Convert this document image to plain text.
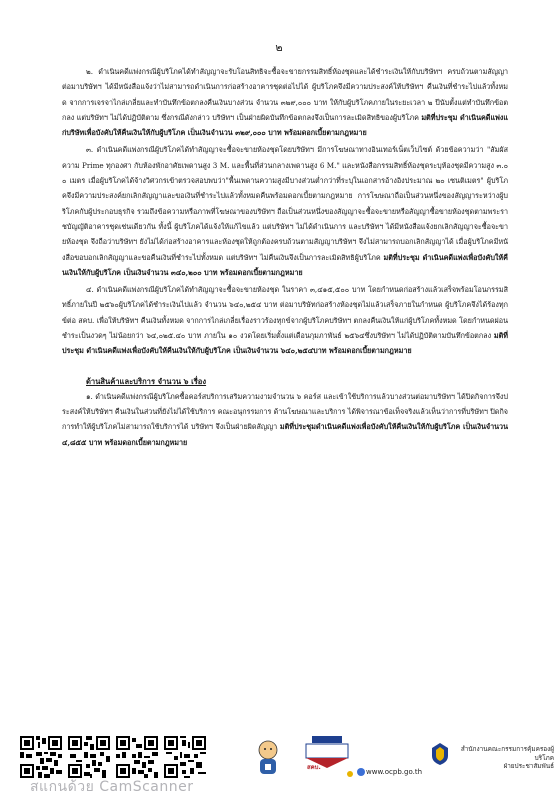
๒

๒. ดำเนินคดีแพ่งกรณีผู้บริโภคได้ทำสัญญาจะรับโอนสิทธิจะซื้อจะขายกรรมสิทธิ์ห้องชุดและได้ชำระเงินให้กับบริษัทฯ ครบถ้วนตามสัญญา ต่อมาบริษัทฯ ได้มีหนังสือแจ้งว่าไม่สามารถดำเนินการก่อสร้างอาคารชุดต่อไปได้ ผู้บริโภคจึงมีความประสงค์ให้บริษัทฯ คืนเงินที่ชำระไปแล้วทั้งหมด จากการเจรจาไกล่เกลี่ยและทำบันทึกข้อตกลงคืนเงินบางส่วน จำนวน ๓๒๙,๐๐๐ บาท ให้กับผู้บริโภคภายในระยะเวลา ๒ ปีนับตั้งแต่ทำบันทึกข้อตกลง แต่บริษัทฯ ไม่ได้ปฏิบัติตาม ซึ่งกรณีดังกล่าว บริษัทฯ เป็นฝ่ายผิดบันทึกข้อตกลงจึงเป็นการละเมิดสิทธิของผู้บริโภค มติที่ประชุม ดำเนินคดีแพ่งแก่บริษัทเพื่อบังคับให้คืนเงินให้กับผู้บริโภค เป็นเงินจำนวน ๓๒๙,๐๐๐ บาท พร้อมดอกเบี้ยตามกฎหมาย

๓. ดำเนินคดีแพ่งกรณีผู้บริโภคได้ทำสัญญาจะซื้อจะขายห้องชุดโดยบริษัทฯ มีการโฆษณาทางอินเทอร์เน็ตเว็บไซต์ ด้วยข้อความว่า "สัมผัสความ Prime ทุกองศา กับห้องพักอาศัยเพดานสูง 3 M. และพื้นที่ส่วนกลางเพดานสูง 6 M." และหนังสือกรรมสิทธิ์ห้องชุดระบุห้องชุดมีความสูง ๓.๐๐ เมตร เมื่อผู้บริโภคได้จ้างวิศวกรเข้าตรวจสอบพบว่า"พื้นเพดานความสูงมีบางส่วนต่ำกว่าที่ระบุในเอกสารอ้างอิงประมาณ ๒๐ เซนติเมตร" ผู้บริโภคจึงมีความประสงค์ยกเลิกสัญญาและขอเงินที่ชำระไปแล้วทั้งหมดคืนพร้อมดอกเบี้ยตามกฎหมาย การโฆษณาถือเป็นส่วนหนึ่งของสัญญาระหว่างผู้บริโภคกับผู้ประกอบธุรกิจ รวมถึงข้อความหรือภาพที่โฆษณาของบริษัทฯ ถือเป็นส่วนหนึ่งของสัญญาจะซื้อจะขายหรือสัญญาซื้อขายห้องชุดตามพระราชบัญญัติอาคารชุดเช่นเดียวกัน ทั้งนี้ ผู้บริโภคได้แจ้งให้แก้ไขแล้ว แต่บริษัทฯ ไม่ได้ดำเนินการ และบริษัทฯ ได้มีหนังสือแจ้งยกเลิกสัญญาจะซื้อจะขายห้องชุด จึงถือว่าบริษัทฯ ยังไม่ได้ก่อสร้างอาคารและห้องชุดให้ถูกต้องครบถ้วนตามสัญญาบริษัทฯ จึงไม่สามารถบอกเลิกสัญญาได้ เมื่อผู้บริโภคมีหนังสือขอบอกเลิกสัญญาและขอคืนเงินที่ชำระไปทั้งหมด แต่บริษัทฯ ไม่คืนเงินจึงเป็นการละเมิดสิทธิผู้บริโภค มติที่ประชุม ดำเนินคดีแพ่งเพื่อบังคับให้คืนเงินให้กับผู้บริโภค เป็นเงินจำนวน ๓๔๐,๒๐๐ บาท พร้อมดอกเบี้ยตามกฎหมาย

๔. ดำเนินคดีแพ่งกรณีผู้บริโภคได้ทำสัญญาจะซื้อจะขายห้องชุด ในราคา ๓,๔๑๕,๕๐๐ บาท โดยกำหนดก่อสร้างแล้วเสร็จพร้อมโอนกรรมสิทธิ์ภายในปี ๒๕๖๐ผู้บริโภคได้ชำระเงินไปแล้ว จำนวน ๖๔๐,๒๕๔ บาท ต่อมาบริษัทก่อสร้างห้องชุดไม่แล้วเสร็จภายในกำหนด ผู้บริโภคจึงได้ร้องทุกข์ต่อ สคบ. เพื่อให้บริษัทฯ คืนเงินทั้งหมด จากการไกล่เกลี่ยเรื่องราวร้องทุกข์จากผู้บริโภคบริษัทฯ ตกลงคืนเงินให้แก่ผู้บริโภคทั้งหมด โดยกำหนดผ่อนชำระเป็นงวดๆ ไม่น้อยกว่า ๖๔,๐๒๕.๔๐ บาท ภายใน ๑๐ งวดโดยเริ่มตั้งแต่เดือนกุมภาพันธ์ ๒๕๖๔ซึ่งบริษัทฯ ไม่ได้ปฏิบัติตามบันทึกข้อตกลง มติที่ประชุม ดำเนินคดีแพ่งเพื่อบังคับให้คืนเงินให้กับผู้บริโภค เป็นเงินจำนวน ๖๔๐,๒๕๔บาท พร้อมดอกเบี้ยตามกฎหมาย

ด้านสินค้าและบริการ จำนวน ๖ เรื่อง

๑. ดำเนินคดีแพ่งกรณีผู้บริโภคซื้อคอร์สบริการเสริมความงามจำนวน ๖ คอร์ส และเข้าใช้บริการแล้วบางส่วนต่อมาบริษัทฯ ได้ปิดกิจการจึงประสงค์ให้บริษัทฯ คืนเงินในส่วนที่ยังไม่ได้ใช้บริการ คณะอนุกรรมการ ด้านโฆษณาและบริการ ได้พิจารณาข้อเท็จจริงแล้วเห็นว่าการที่บริษัทฯ ปิดกิจการทำให้ผู้บริโภคไม่สามารถใช้บริการได้ บริษัทฯ จึงเป็นฝ่ายผิดสัญญา มติที่ประชุมดำเนินคดีแพ่งเพื่อบังคับให้คืนเงินให้กับผู้บริโภค เป็นเงินจำนวน ๔,๘๕๕ บาท พร้อมดอกเบี้ยตามกฎหมาย

สแกนด้วย CamScanner
สคบ.
www.ocpb.go.th
สำนักงานคณะกรรมการคุ้มครองผู้บริโภค
ฝ่ายประชาสัมพันธ์
